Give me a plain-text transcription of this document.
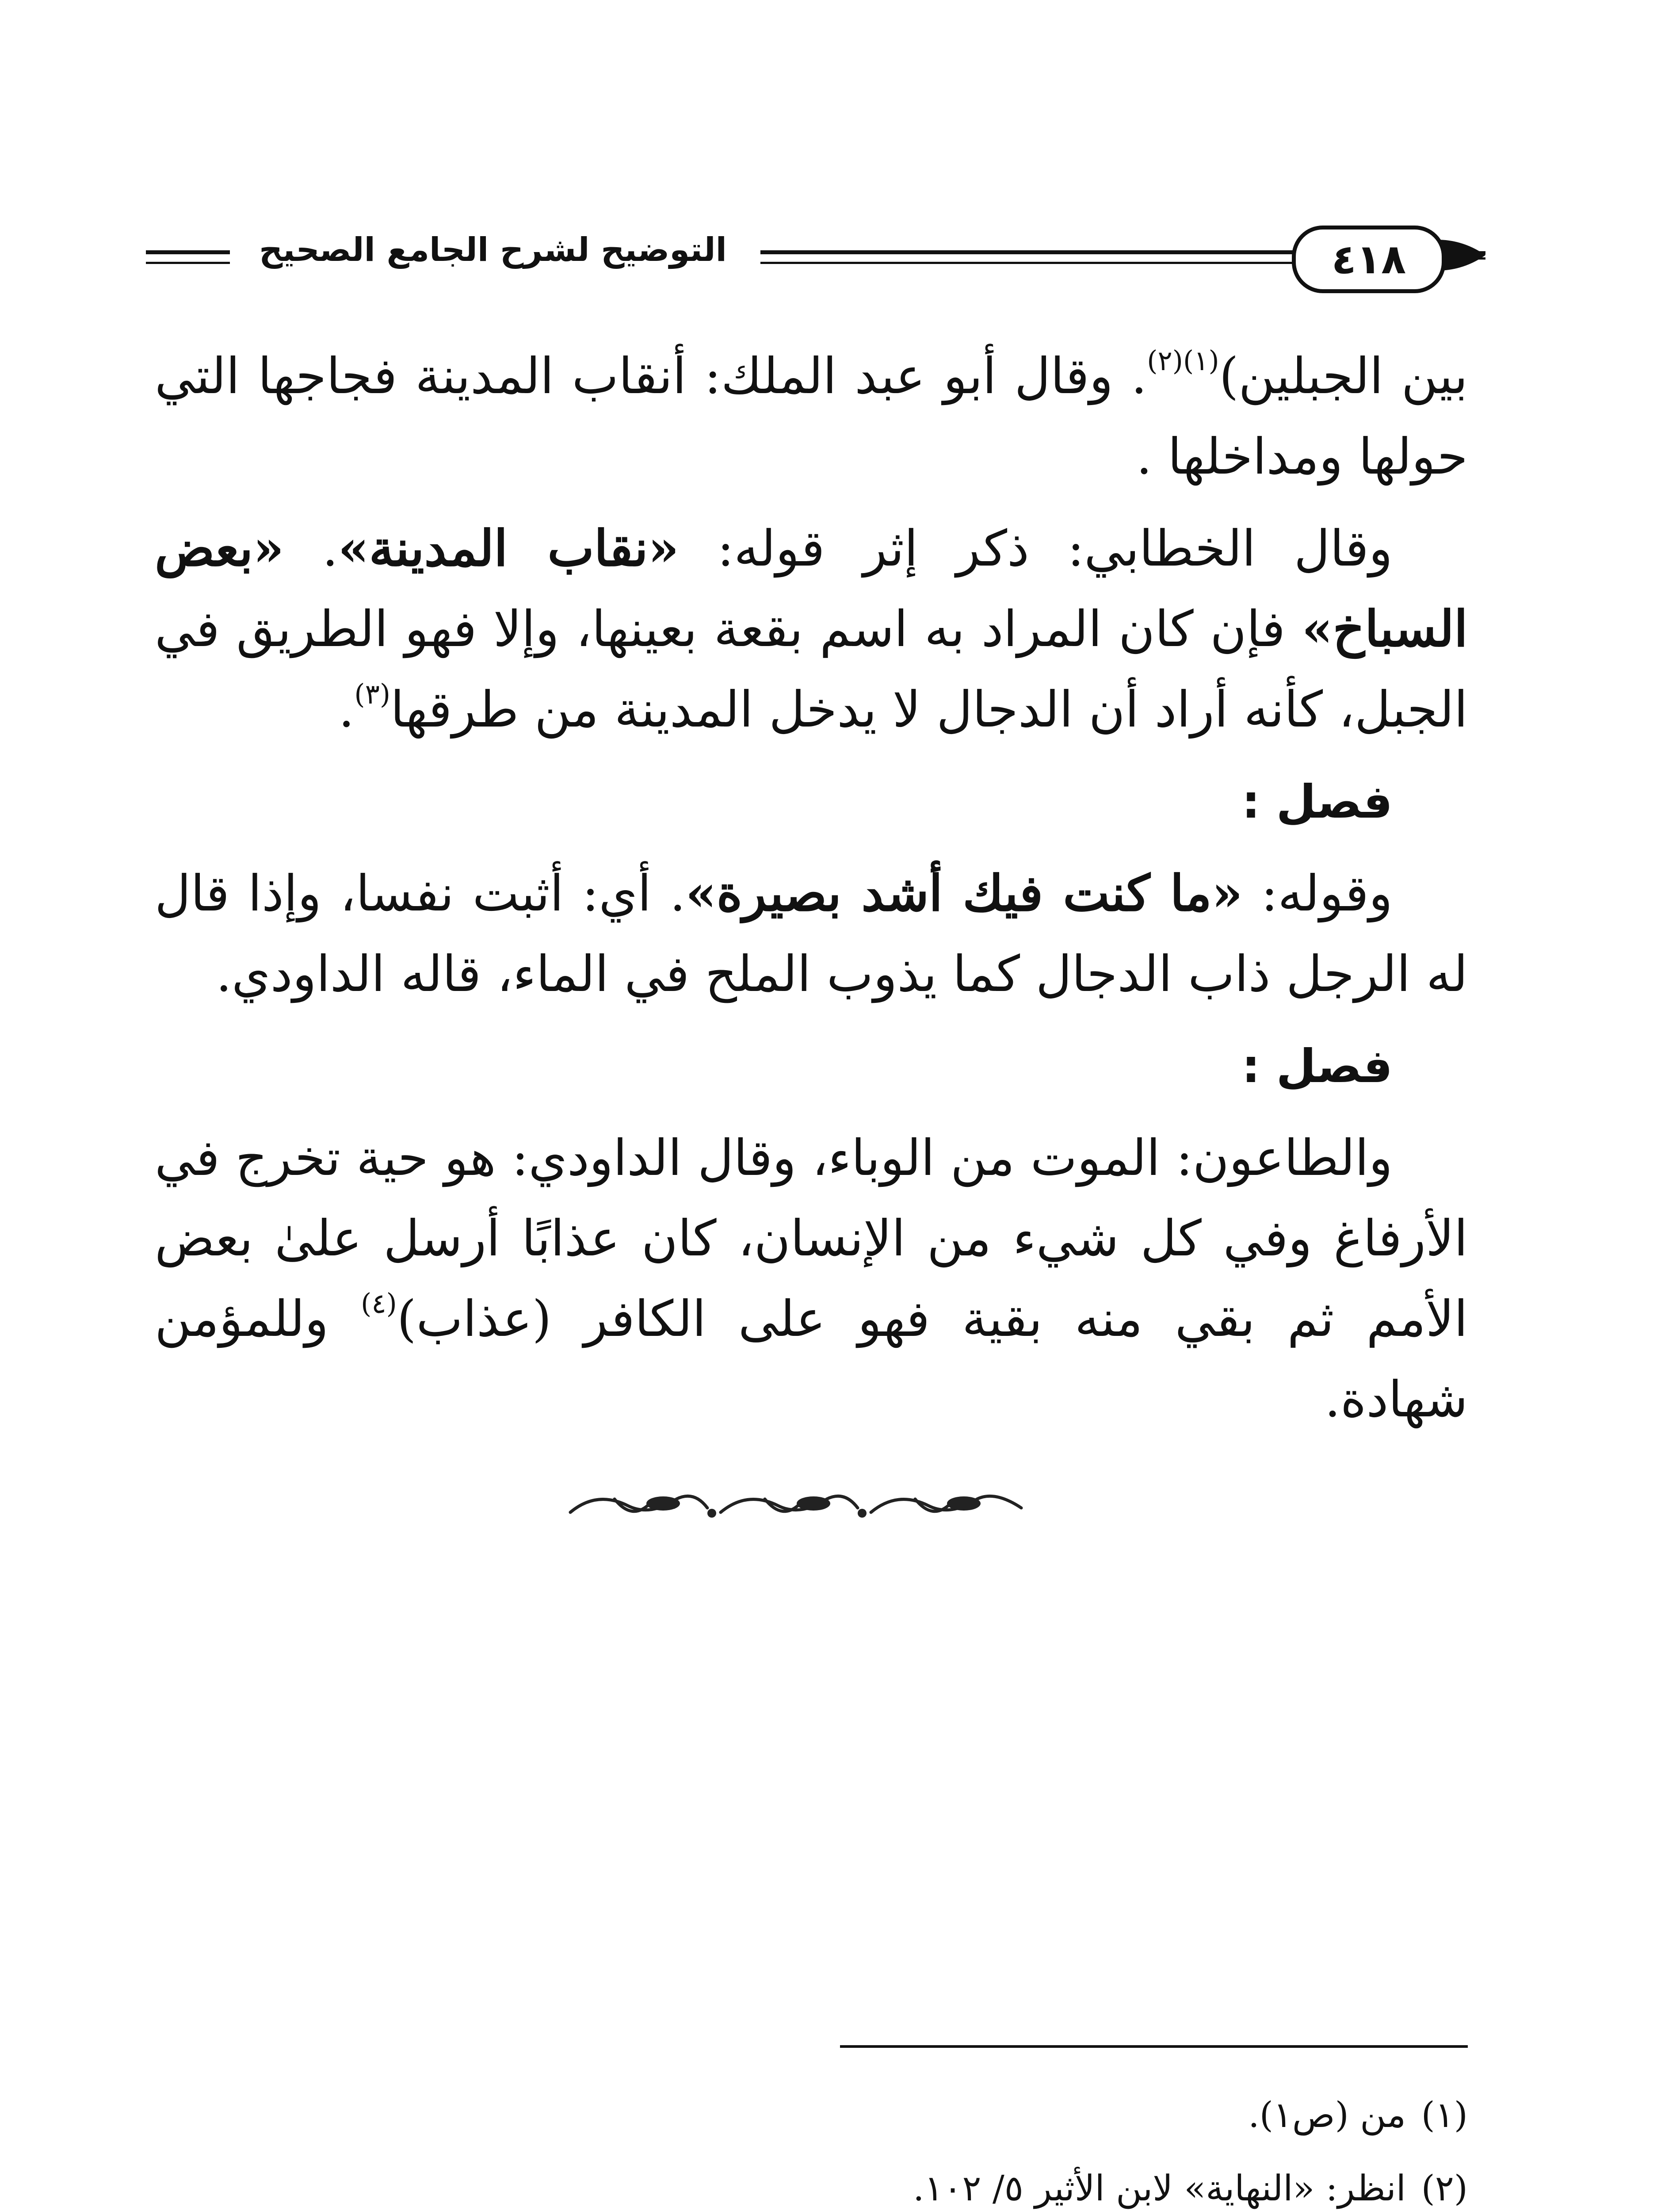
التوضيح لشرح الجامع الصحيح	٤١٨

بين الجبلين)$^{(١)(٢)}$. وقال أبو عبد الملك: أنقاب المدينة فجاجها التي حولها ومداخلها .

وقال الخطابي: ذكر إثر قوله: «نقاب المدينة». «بعض السباخ» فإن كان المراد به اسم بقعة بعينها، وإلا فهو الطريق في الجبل، كأنه أراد أن الدجال لا يدخل المدينة من طرقها$^{(٣)}$.

فصل :

وقوله: «ما كنت فيك أشد بصيرة». أي: أثبت نفسا، وإذا قال له الرجل ذاب الدجال كما يذوب الملح في الماء، قاله الداودي.

فصل :

والطاعون: الموت من الوباء، وقال الداودي: هو حية تخرج في الأرفاغ وفي كل شيء من الإنسان، كان عذابًا أرسل علىٰ بعض الأمم ثم بقي منه بقية فهو على الكافر (عذاب)$^{(٤)}$ وللمؤمن شهادة.

(١)من (ص١).
(٢)انظر: «النهاية» لابن الأثير ٥/ ١٠٢.
